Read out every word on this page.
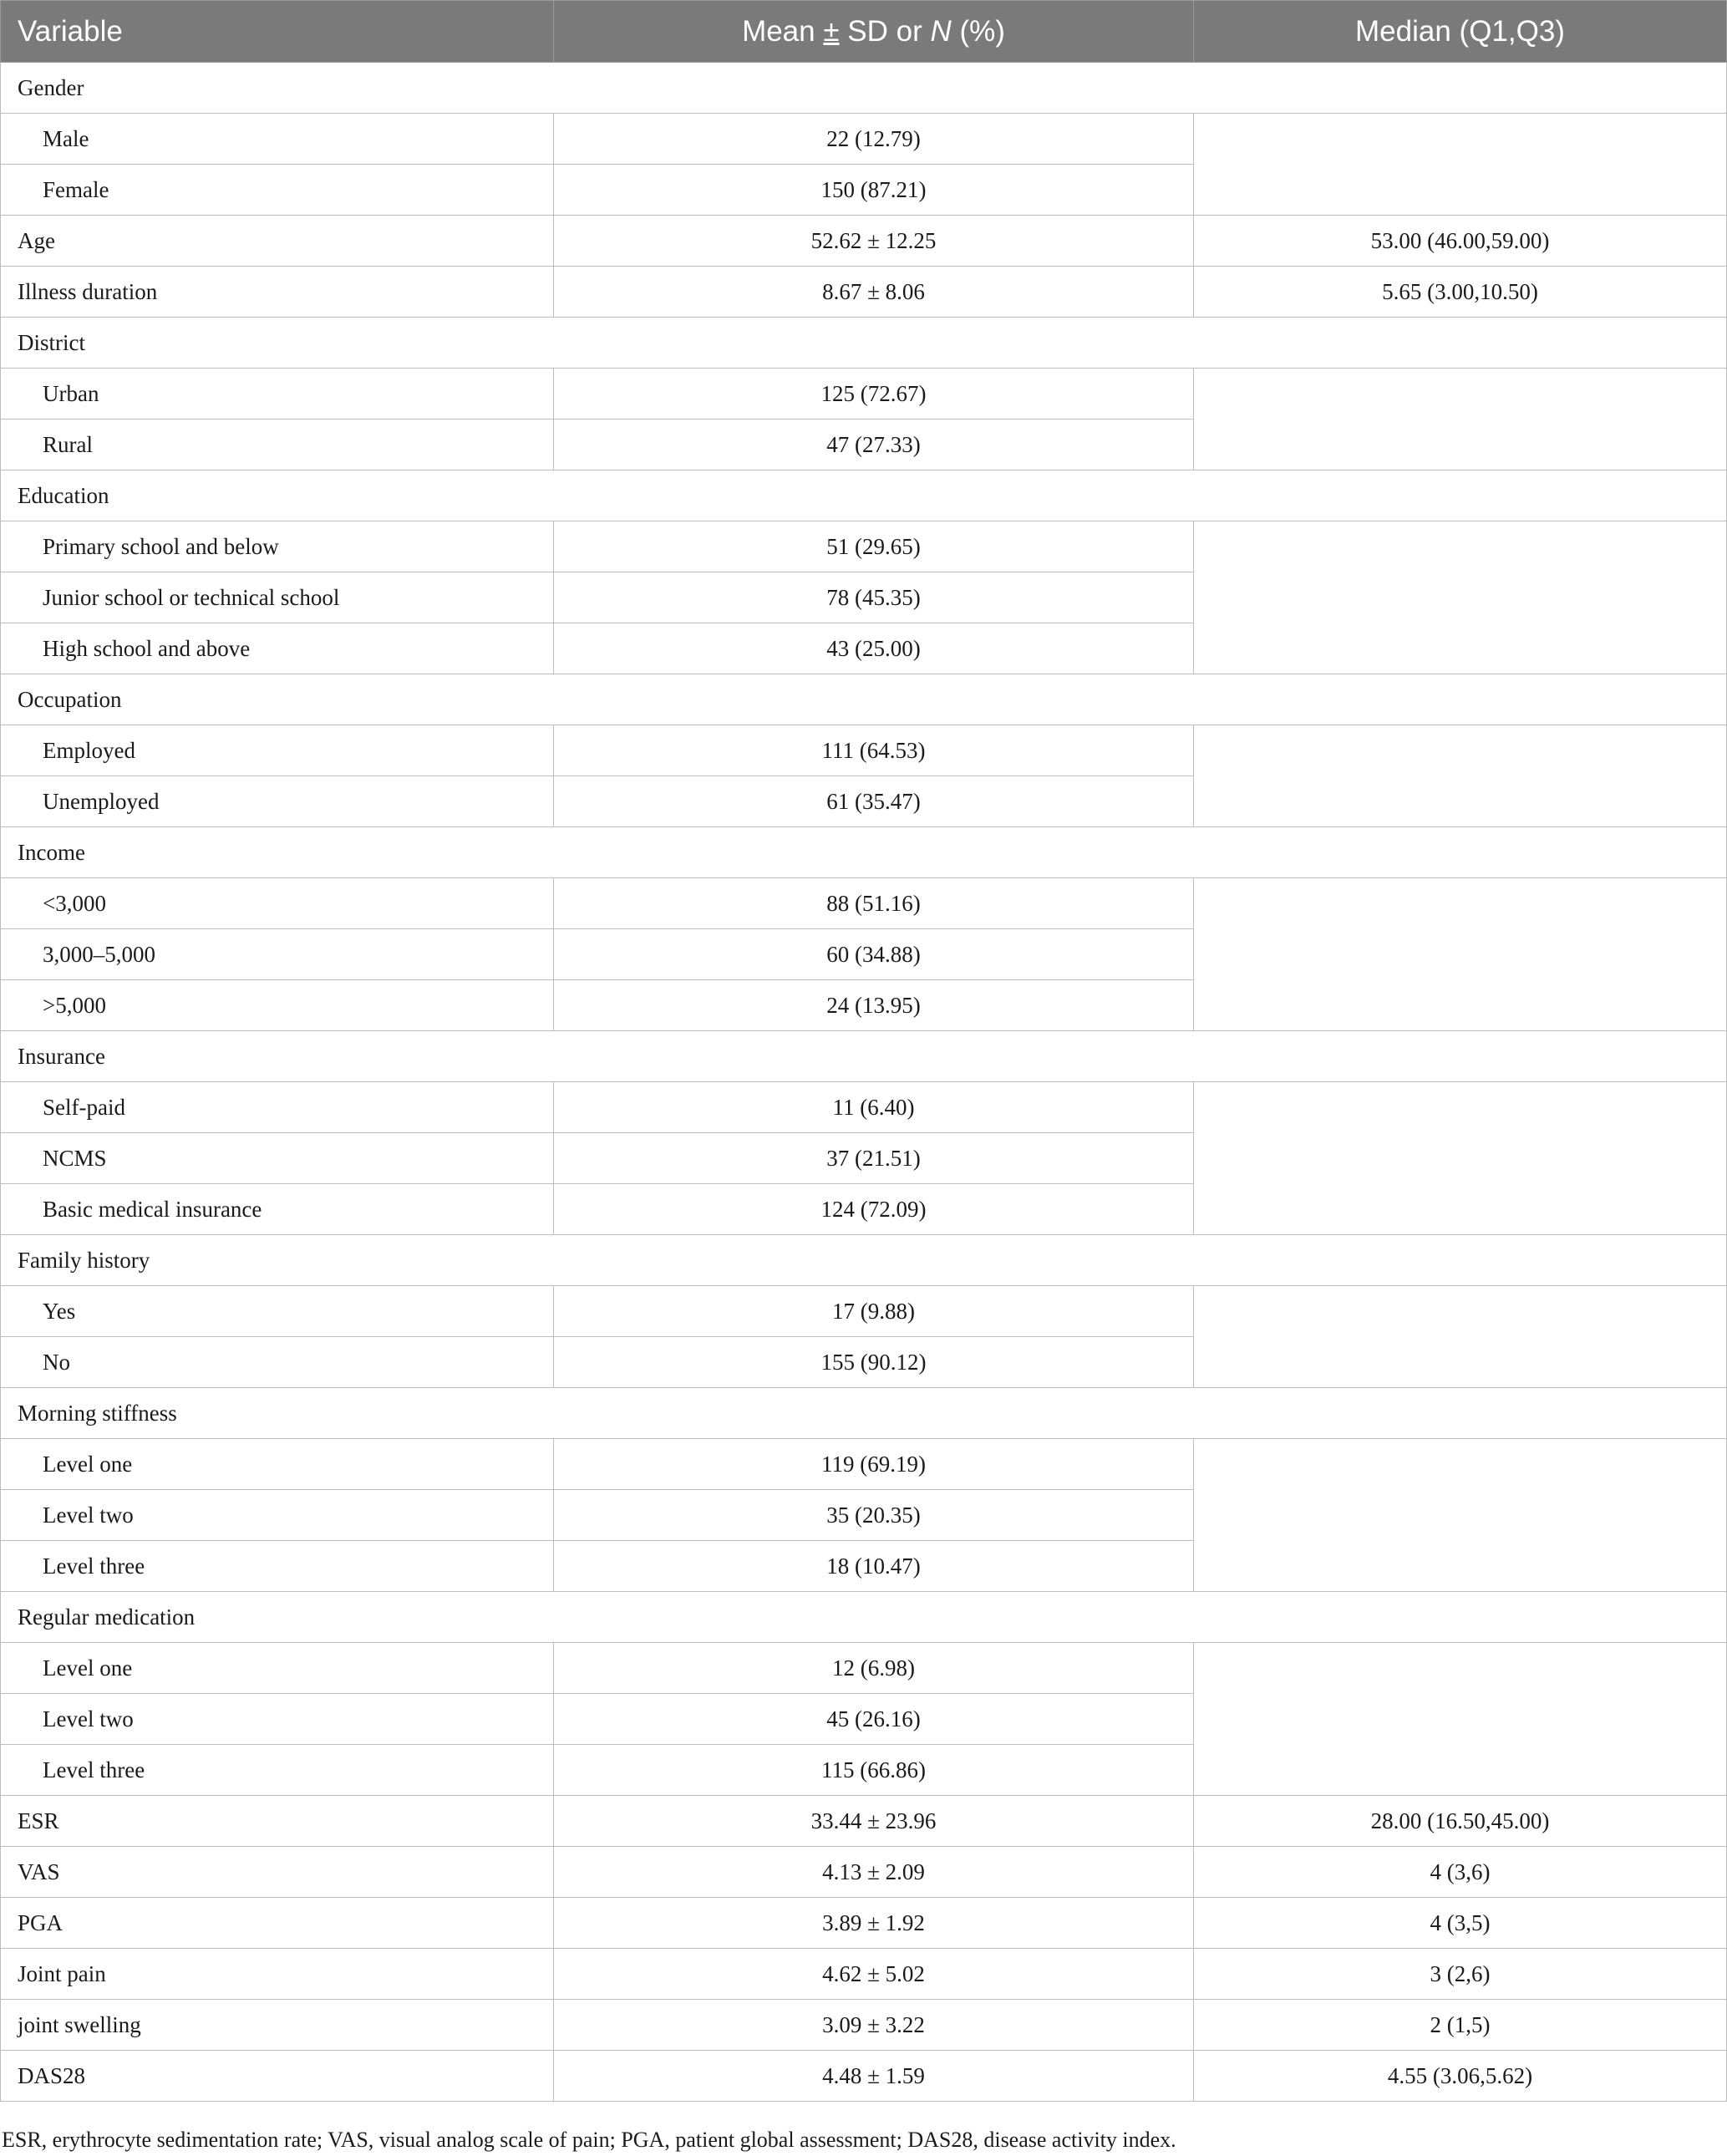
Variable	Mean ± SD or N (%)	Median (Q1,Q3)
Gender		
Male	22 (12.79)	
Female	150 (87.21)	
Age	52.62 ± 12.25	53.00 (46.00,59.00)
Illness duration	8.67 ± 8.06	5.65 (3.00,10.50)
District		
Urban	125 (72.67)	
Rural	47 (27.33)	
Education		
Primary school and below	51 (29.65)	
Junior school or technical school	78 (45.35)	
High school and above	43 (25.00)	
Occupation		
Employed	111 (64.53)	
Unemployed	61 (35.47)	
Income		
<3,000	88 (51.16)	
3,000–5,000	60 (34.88)	
>5,000	24 (13.95)	
Insurance		
Self-paid	11 (6.40)	
NCMS	37 (21.51)	
Basic medical insurance	124 (72.09)	
Family history		
Yes	17 (9.88)	
No	155 (90.12)	
Morning stiffness		
Level one	119 (69.19)	
Level two	35 (20.35)	
Level three	18 (10.47)	
Regular medication		
Level one	12 (6.98)	
Level two	45 (26.16)	
Level three	115 (66.86)	
ESR	33.44 ± 23.96	28.00 (16.50,45.00)
VAS	4.13 ± 2.09	4 (3,6)
PGA	3.89 ± 1.92	4 (3,5)
Joint pain	4.62 ± 5.02	3 (2,6)
joint swelling	3.09 ± 3.22	2 (1,5)
DAS28	4.48 ± 1.59	4.55 (3.06,5.62)
ESR, erythrocyte sedimentation rate; VAS, visual analog scale of pain; PGA, patient global assessment; DAS28, disease activity index.
